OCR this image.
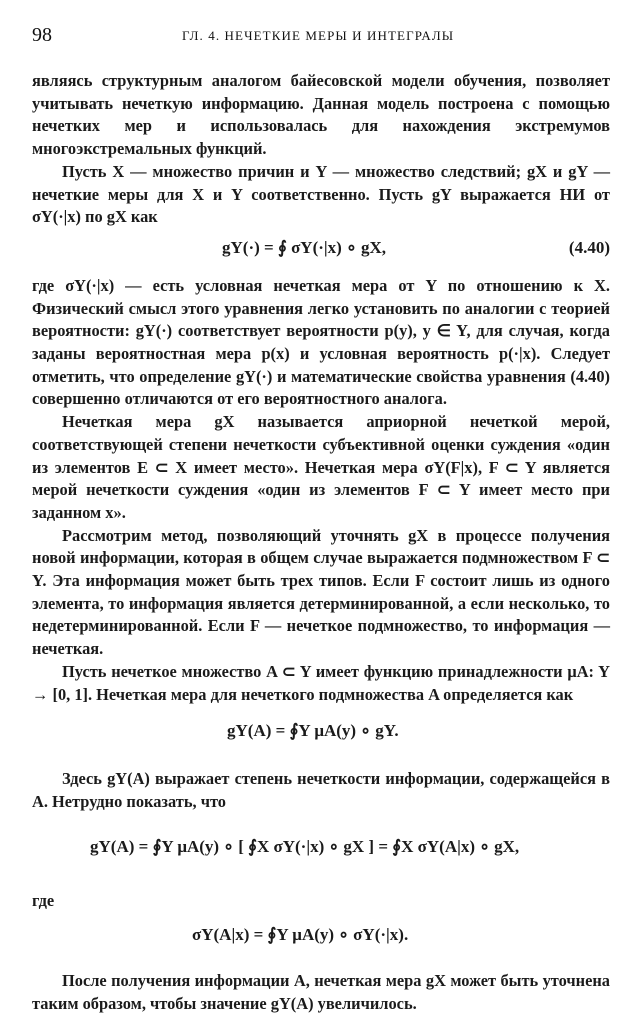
98	ГЛ. 4. НЕЧЕТКИЕ МЕРЫ И ИНТЕГРАЛЫ

являясь структурным аналогом байесовской модели обучения, позволяет учитывать нечеткую информацию. Данная модель построена с помощью нечетких мер и использовалась для нахождения экстремумов многоэкстремальных функций.

Пусть X — множество причин и Y — множество следствий; gX и gY — нечеткие меры для X и Y соответственно. Пусть gY выражается НИ от σY(·|x) по gX как

gY(·) = ∮ σY(·|x) ∘ gX,	(4.40)

где σY(·|x) — есть условная нечеткая мера от Y по отношению к X. Физический смысл этого уравнения легко установить по аналогии с теорией вероятности: gY(·) соответствует вероятности p(y), y ∈ Y, для случая, когда заданы вероятностная мера p(x) и условная вероятность p(·|x). Следует отметить, что определение gY(·) и математические свойства уравнения (4.40) совершенно отличаются от его вероятностного аналога.

Нечеткая мера gX называется априорной нечеткой мерой, соответствующей степени нечеткости субъективной оценки суждения «один из элементов E ⊂ X имеет место». Нечеткая мера σY(F|x), F ⊂ Y является мерой нечеткости суждения «один из элементов F ⊂ Y имеет место при заданном x».

Рассмотрим метод, позволяющий уточнять gX в процессе получения новой информации, которая в общем случае выражается подмножеством F ⊂ Y. Эта информация может быть трех типов. Если F состоит лишь из одного элемента, то информация является детерминированной, а если несколько, то недетерминированной. Если F — нечеткое подмножество, то информация — нечеткая.

Пусть нечеткое множество A ⊂ Y имеет функцию принадлежности μA: Y → [0, 1]. Нечеткая мера для нечеткого подмножества A определяется как

gY(A) = ∮Y μA(y) ∘ gY.

Здесь gY(A) выражает степень нечеткости информации, содержащейся в A. Нетрудно показать, что

gY(A) = ∮Y μA(y) ∘ [ ∮X σY(·|x) ∘ gX ] = ∮X σY(A|x) ∘ gX,

где

σY(A|x) = ∮Y μA(y) ∘ σY(·|x).

После получения информации A, нечеткая мера gX может быть уточнена таким образом, чтобы значение gY(A) увеличилось.
